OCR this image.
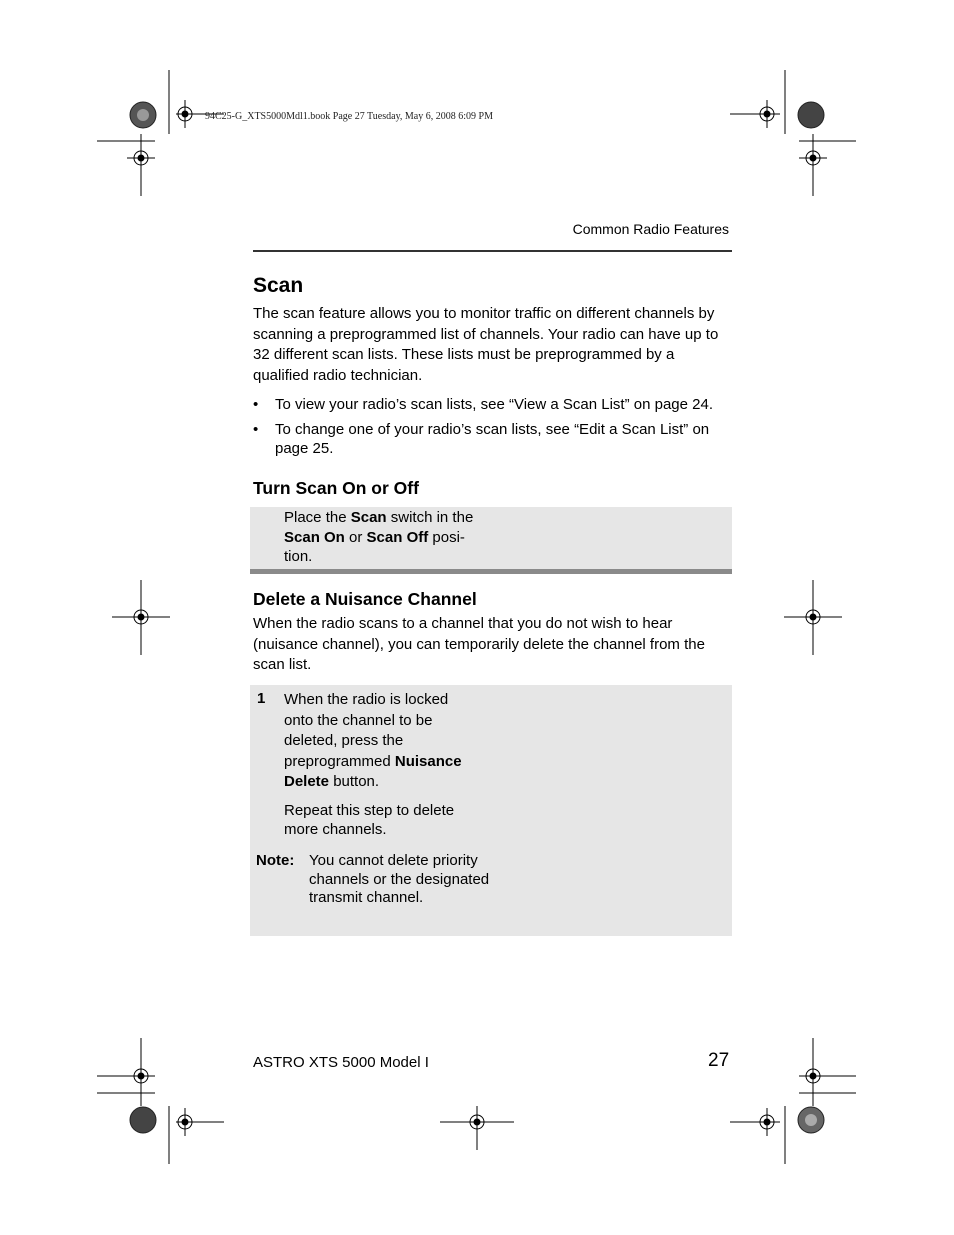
94C25-G_XTS5000Mdl1.book Page 27 Tuesday, May 6, 2008 6:09 PM
Common Radio Features
Scan

The scan feature allows you to monitor traffic on different channels by scanning a preprogrammed list of channels. Your radio can have up to 32 different scan lists. These lists must be preprogrammed by a qualified radio technician.

• To view your radio’s scan lists, see “View a Scan List” on page 24.
• To change one of your radio’s scan lists, see “Edit a Scan List” on page 25.
Turn Scan On or Off
Place the Scan switch in the Scan On or Scan Off posi-tion.
Delete a Nuisance Channel

When the radio scans to a channel that you do not wish to hear (nuisance channel), you can temporarily delete the channel from the scan list.

1 When the radio is locked onto the channel to be deleted, press the preprogrammed Nuisance Delete button.
Repeat this step to delete more channels.
Note: You cannot delete priority channels or the designated transmit channel.
ASTRO XTS 5000 Model I	27
